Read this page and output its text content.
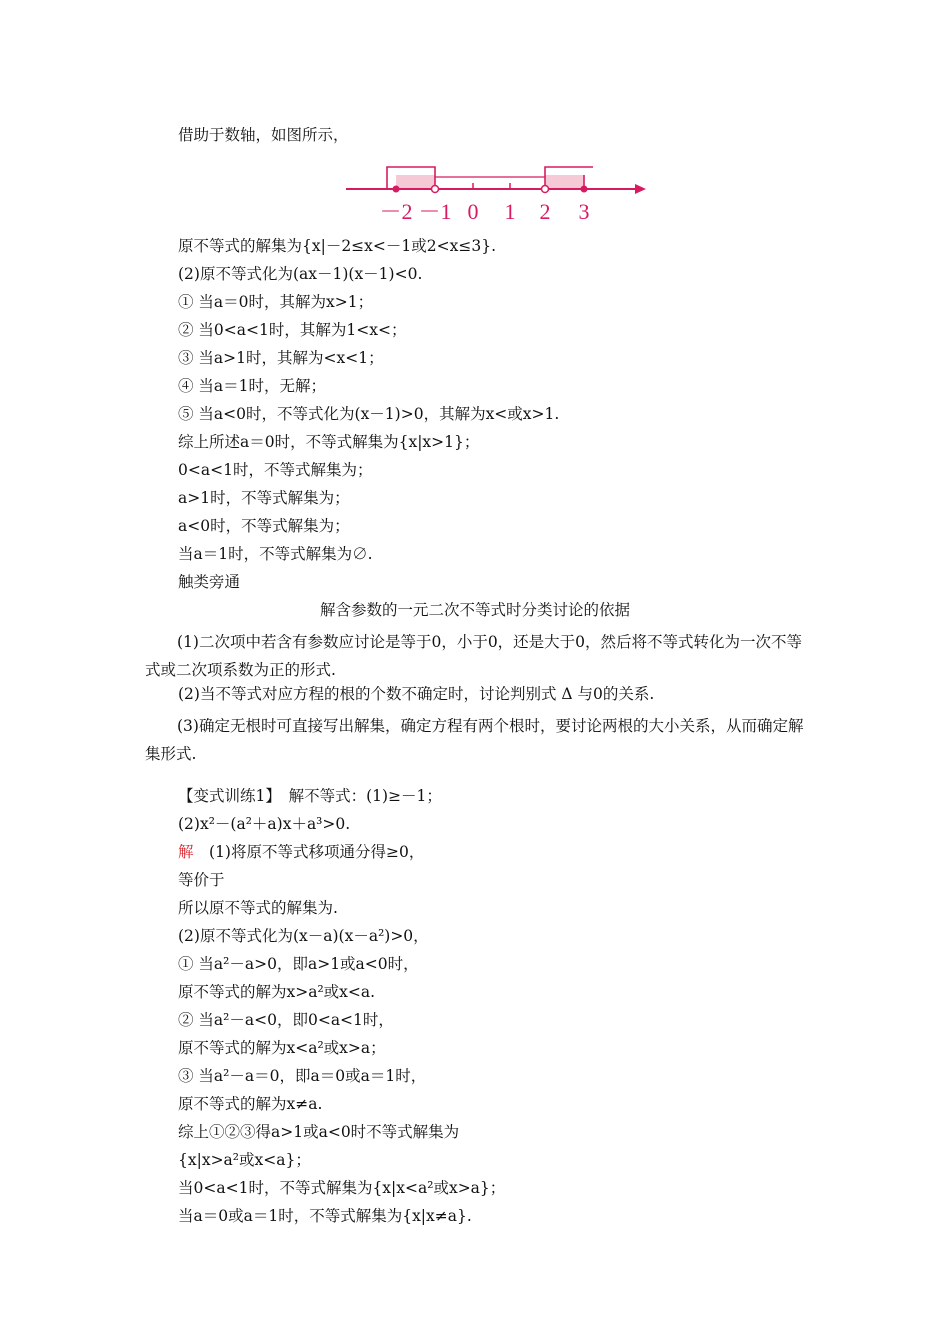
借助于数轴，如图所示，
－2 －1 0 1 2 3
原不等式的解集为{x|－2≤x<－1或2<x≤3}.
(2)原不等式化为(ax－1)(x－1)<0.
① 当a＝0时，其解为x>1；
② 当0<a<1时，其解为1<x<；
③ 当a>1时，其解为<x<1；
④ 当a＝1时，无解；
⑤ 当a<0时，不等式化为(x－1)>0，其解为x<或x>1.
综上所述a＝0时，不等式解集为{x|x>1}；
0<a<1时，不等式解集为；
a>1时，不等式解集为；
a<0时，不等式解集为；
当a＝1时，不等式解集为∅.
触类旁通
解含参数的一元二次不等式时分类讨论的依据
(1)二次项中若含有参数应讨论是等于0，小于0，还是大于0，然后将不等式转化为一次不等式或二次项系数为正的形式.
(2)当不等式对应方程的根的个数不确定时，讨论判别式 Δ 与0的关系.
(3)确定无根时可直接写出解集，确定方程有两个根时，要讨论两根的大小关系，从而确定解集形式.
【变式训练1】　解不等式：(1)≥－1；
(2)x²－(a²＋a)x＋a³>0.
解　(1)将原不等式移项通分得≥0，
等价于
所以原不等式的解集为.
(2)原不等式化为(x－a)(x－a²)>0，
① 当a²－a>0，即a>1或a<0时，
原不等式的解为x>a²或x<a.
② 当a²－a<0，即0<a<1时，
原不等式的解为x<a²或x>a；
③ 当a²－a＝0，即a＝0或a＝1时，
原不等式的解为x≠a.
综上①②③得a>1或a<0时不等式解集为
{x|x>a²或x<a}；
当0<a<1时，不等式解集为{x|x<a²或x>a}；
当a＝0或a＝1时，不等式解集为{x|x≠a}.
